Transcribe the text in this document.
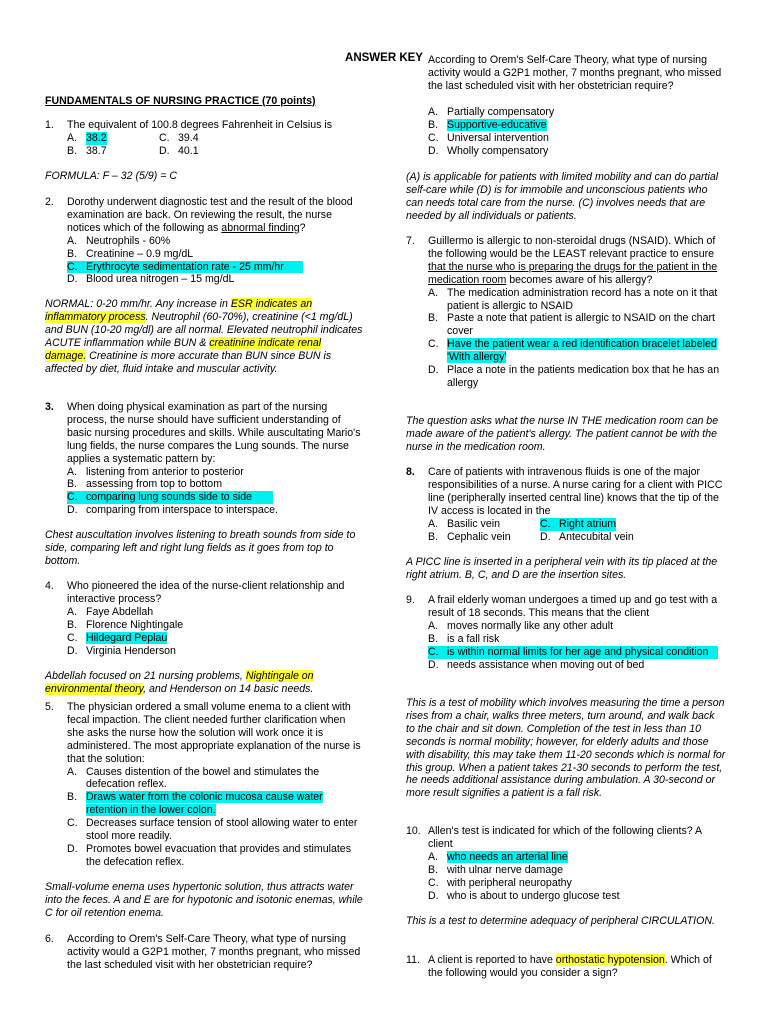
ANSWER KEY
FUNDAMENTALS OF NURSING PRACTICE (70 points)
1.	The equivalent of 100.8 degrees Fahrenheit in Celsius is
A. 38.2	C. 39.4
B. 38.7	D. 40.1
FORMULA: F – 32 (5/9) = C
2.	Dorothy underwent diagnostic test and the result of the blood examination are back. On reviewing the result, the nurse notices which of the following as abnormal finding?
A. Neutrophils - 60%
B. Creatinine – 0.9 mg/dL
C. Erythrocyte sedimentation rate - 25 mm/hr
D. Blood urea nitrogen – 15 mg/dL
NORMAL: 0-20 mm/hr. Any increase in ESR indicates an inflammatory process. Neutrophil (60-70%), creatinine (<1 mg/dL) and BUN (10-20 mg/dl) are all normal. Elevated neutrophil indicates ACUTE inflammation while BUN & creatinine indicate renal damage. Creatinine is more accurate than BUN since BUN is affected by diet, fluid intake and muscular activity.
3.	When doing physical examination as part of the nursing process, the nurse should have sufficient understanding of basic nursing procedures and skills. While auscultating Mario's lung fields, the nurse compares the Lung sounds. The nurse applies a systematic pattern by:
A. listening from anterior to posterior
B. assessing from top to bottom
C. comparing lung sounds side to side
D. comparing from interspace to interspace.
Chest auscultation involves listening to breath sounds from side to side, comparing left and right lung fields as it goes from top to bottom.
4.	Who pioneered the idea of the nurse-client relationship and interactive process?
A. Faye Abdellah
B. Florence Nightingale
C. Hildegard Peplau
D. Virginia Henderson
Abdellah focused on 21 nursing problems, Nightingale on environmental theory, and Henderson on 14 basic needs.
5.	The physician ordered a small volume enema to a client with fecal impaction. The client needed further clarification when she asks the nurse how the solution will work once it is administered. The most appropriate explanation of the nurse is that the solution:
A. Causes distention of the bowel and stimulates the defecation reflex.
B. Draws water from the colonic mucosa cause water retention in the lower colon.
C. Decreases surface tension of stool allowing water to enter stool more readily.
D. Promotes bowel evacuation that provides and stimulates the defecation reflex.
Small-volume enema uses hypertonic solution, thus attracts water into the feces. A and E are for hypotonic and isotonic enemas, while C for oil retention enema.
6.	According to Orem's Self-Care Theory, what type of nursing activity would a G2P1 mother, 7 months pregnant, who missed the last scheduled visit with her obstetrician require?
According to Orem's Self-Care Theory, what type of nursing activity would a G2P1 mother, 7 months pregnant, who missed the last scheduled visit with her obstetrician require?
A. Partially compensatory
B. Supportive-educative
C. Universal intervention
D. Wholly compensatory
(A) is applicable for patients with limited mobility and can do partial self-care while (D) is for immobile and unconscious patients who can needs total care from the nurse. (C) involves needs that are needed by all individuals or patients.
7.	Guillermo is allergic to non-steroidal drugs (NSAID). Which of the following would be the LEAST relevant practice to ensure that the nurse who is preparing the drugs for the patient in the medication room becomes aware of his allergy?
A. The medication administration record has a note on it that patient is allergic to NSAID
B. Paste a note that patient is allergic to NSAID on the chart cover
C. Have the patient wear a red identification bracelet labeled 'With allergy'
D. Place a note in the patients medication box that he has an allergy
The question asks what the nurse IN THE medication room can be made aware of the patient's allergy. The patient cannot be with the nurse in the medication room.
8.	Care of patients with intravenous fluids is one of the major responsibilities of a nurse. A nurse caring for a client with PICC line (peripherally inserted central line) knows that the tip of the IV access is located in the
A. Basilic vein	C. Right atrium
B. Cephalic vein	D. Antecubital vein
A PICC line is inserted in a peripheral vein with its tip placed at the right atrium. B, C, and D are the insertion sites.
9.	A frail elderly woman undergoes a timed up and go test with a result of 18 seconds. This means that the client
A. moves normally like any other adult
B. is a fall risk
C. is within normal limits for her age and physical condition
D. needs assistance when moving out of bed
This is a test of mobility which involves measuring the time a person rises from a chair, walks three meters, turn around, and walk back to the chair and sit down. Completion of the test in less than 10 seconds is normal mobility; however, for elderly adults and those with disability, this may take them 11-20 seconds which is normal for this group. When a patient takes 21-30 seconds to perform the test, he needs additional assistance during ambulation. A 30-second or more result signifies a patient is a fall risk.
10. Allen's test is indicated for which of the following clients? A client
A. who needs an arterial line
B. with ulnar nerve damage
C. with peripheral neuropathy
D. who is about to undergo glucose test
This is a test to determine adequacy of peripheral CIRCULATION.
11. A client is reported to have orthostatic hypotension. Which of the following would you consider a sign?
